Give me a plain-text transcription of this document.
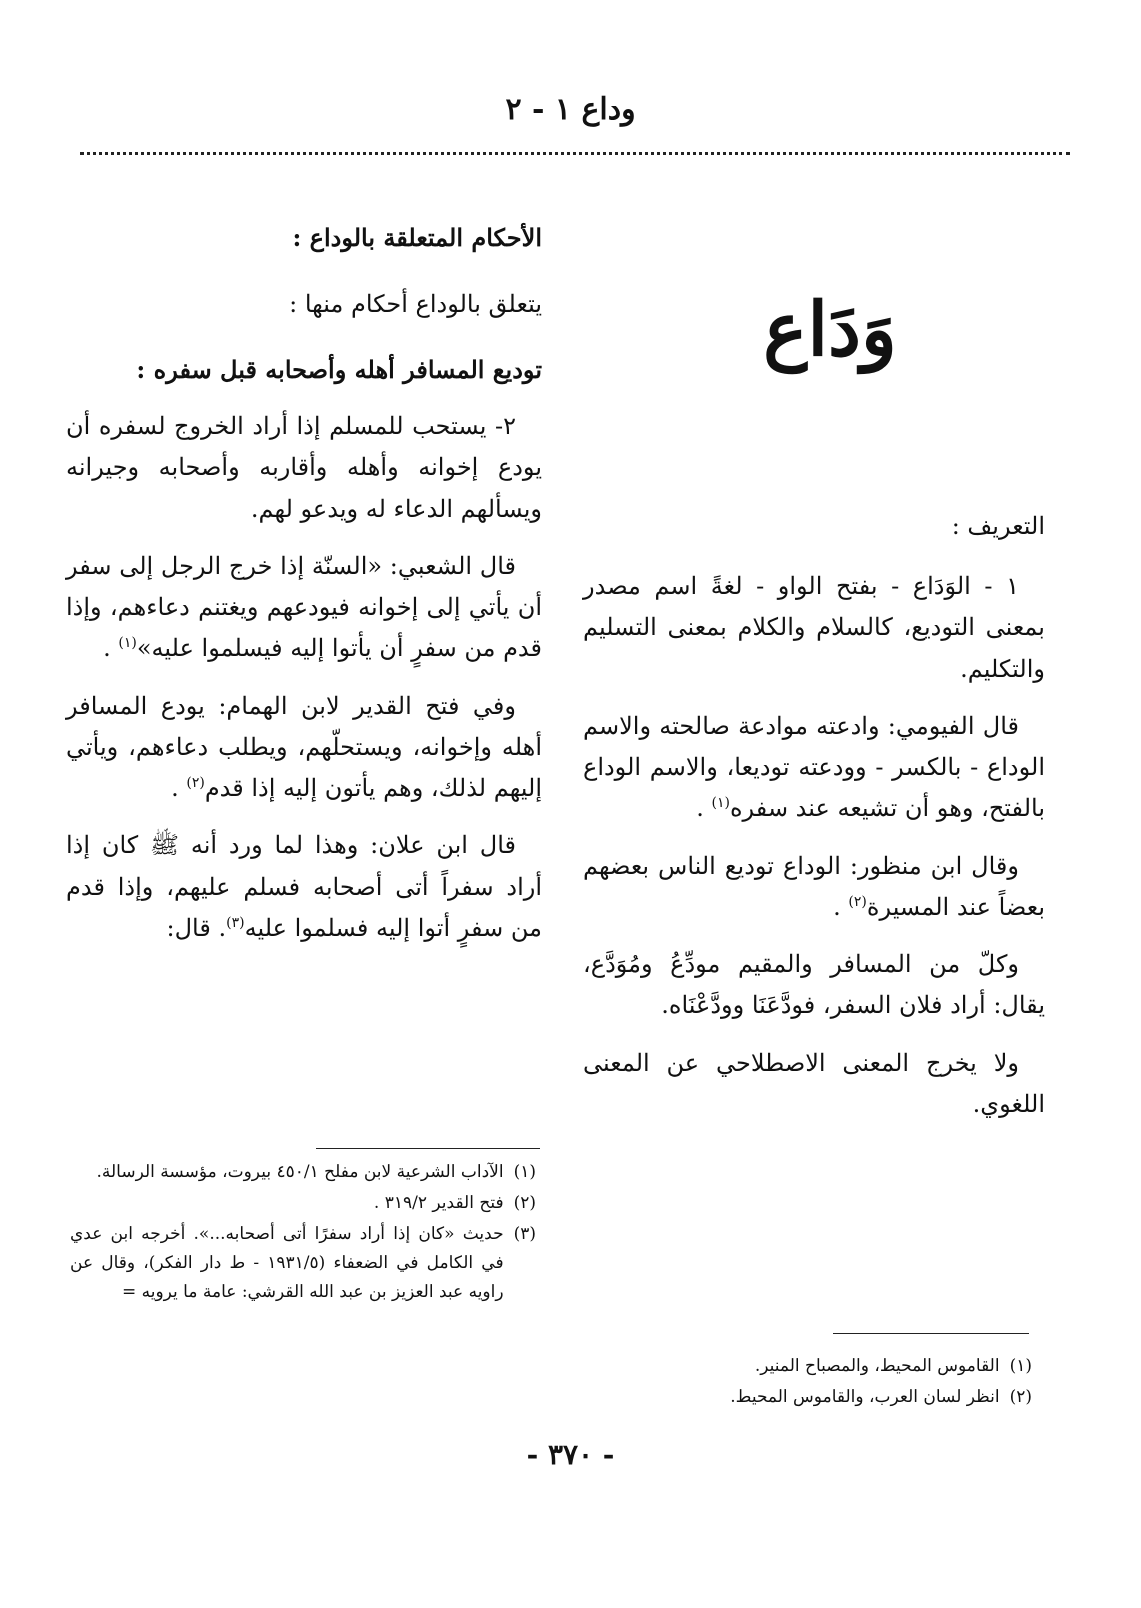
وداع ١ - ٢
وَدَاع
التعريف :

١ - الوَدَاع - بفتح الواو - لغةً اسم مصدر بمعنى التوديع، كالسلام والكلام بمعنى التسليم والتكليم.

قال الفيومي: وادعته موادعة صالحته والاسم الوداع - بالكسر - وودعته توديعا، والاسم الوداع بالفتح، وهو أن تشيعه عند سفره$^{(١)}$ .

وقال ابن منظور: الوداع توديع الناس بعضهم بعضاً عند المسيرة$^{(٢)}$ .

وكلّ من المسافر والمقيم مودِّعُ ومُوَدَّع، يقال: أراد فلان السفر، فودَّعَنَا وودَّعْنَاه.

ولا يخرج المعنى الاصطلاحي عن المعنى اللغوي.

(١)
القاموس المحيط، والمصباح المنير.
(٢)
انظر لسان العرب، والقاموس المحيط.
الأحكام المتعلقة بالوداع :
يتعلق بالوداع أحكام منها :
توديع المسافر أهله وأصحابه قبل سفره :

٢- يستحب للمسلم إذا أراد الخروج لسفره أن يودع إخوانه وأهله وأقاربه وأصحابه وجيرانه ويسألهم الدعاء له ويدعو لهم.

قال الشعبي: «السنّة إذا خرج الرجل إلى سفر أن يأتي إلى إخوانه فيودعهم ويغتنم دعاءهم، وإذا قدم من سفرٍ أن يأتوا إليه فيسلموا عليه»$^{(١)}$ .

وفي فتح القدير لابن الهمام: يودع المسافر أهله وإخوانه، ويستحلّهم، ويطلب دعاءهم، ويأتي إليهم لذلك، وهم يأتون إليه إذا قدم$^{(٢)}$ .

قال ابن علان: وهذا لما ورد أنه ﷺ كان إذا أراد سفراً أتى أصحابه فسلم عليهم، وإذا قدم من سفرٍ أتوا إليه فسلموا عليه$^{(٣)}$. قال:

(١)
الآداب الشرعية لابن مفلح ٤٥٠/١ بيروت، مؤسسة الرسالة.
(٢)
فتح القدير ٣١٩/٢ .
(٣)
حديث «كان إذا أراد سفرًا أتى أصحابه...». أخرجه ابن عدي في الكامل في الضعفاء (١٩٣١/٥ - ط دار الفكر)، وقال عن راويه عبد العزيز بن عبد الله القرشي: عامة ما يرويه =
- ٣٧٠ -
